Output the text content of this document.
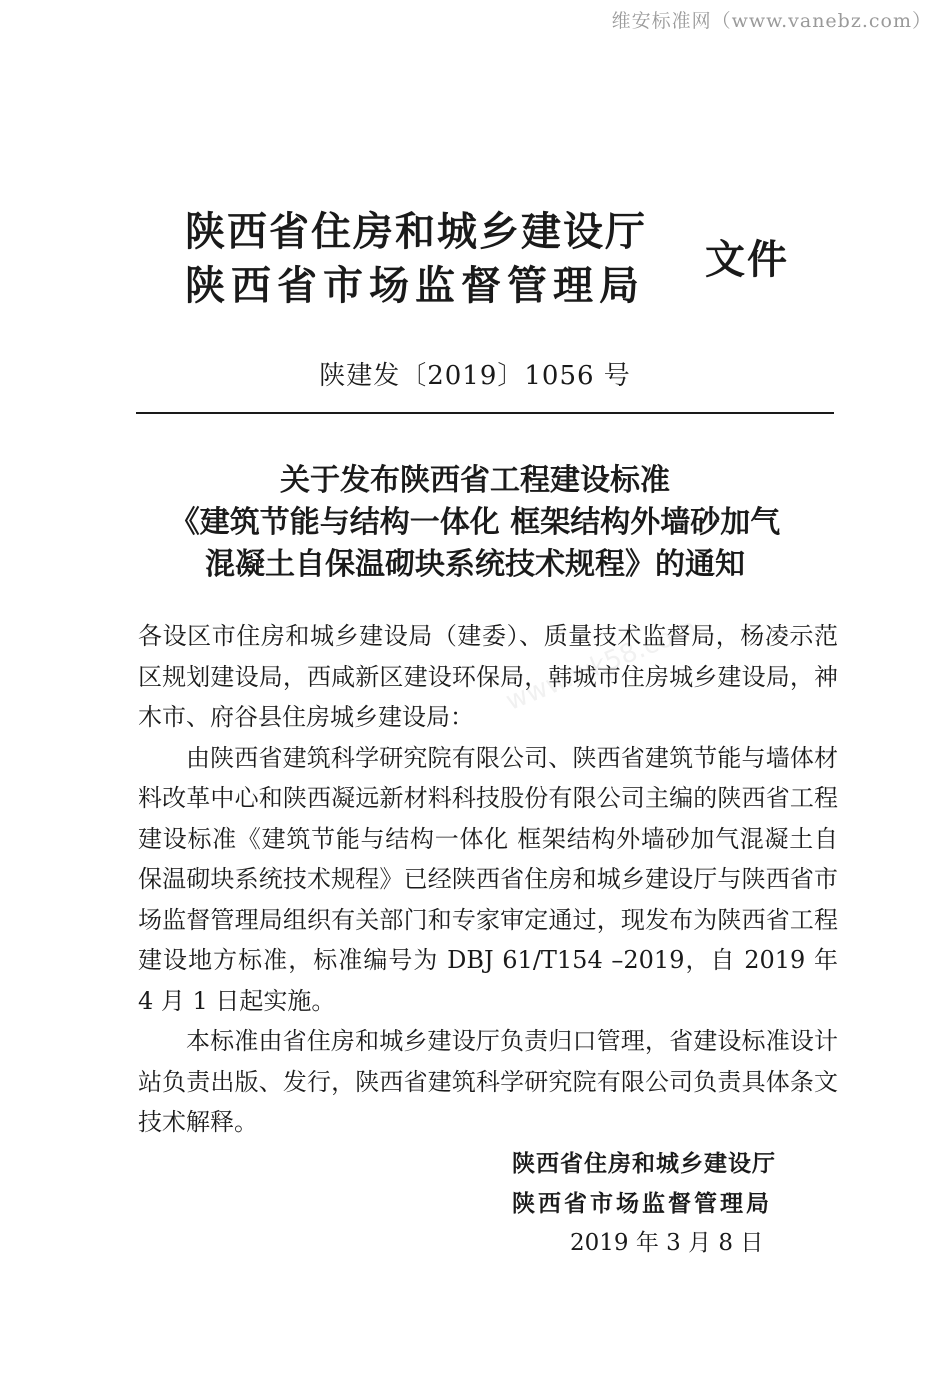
维安标准网（www.vanebz.com）
www.wk58.com
陕西省住房和城乡建设厅
陕西省市场监督管理局
文件
陕建发〔2019〕1056 号
关于发布陕西省工程建设标准
《建筑节能与结构一体化 框架结构外墙砂加气
混凝土自保温砌块系统技术规程》的通知

各设区市住房和城乡建设局（建委）、质量技术监督局，杨凌示范区规划建设局，西咸新区建设环保局，韩城市住房城乡建设局，神木市、府谷县住房城乡建设局：

由陕西省建筑科学研究院有限公司、陕西省建筑节能与墙体材料改革中心和陕西凝远新材料科技股份有限公司主编的陕西省工程建设标准《建筑节能与结构一体化 框架结构外墙砂加气混凝土自保温砌块系统技术规程》已经陕西省住房和城乡建设厅与陕西省市场监督管理局组织有关部门和专家审定通过，现发布为陕西省工程建设地方标准，标准编号为 DBJ 61/T154 –2019，自 2019 年 4 月 1 日起实施。

本标准由省住房和城乡建设厅负责归口管理，省建设标准设计站负责出版、发行，陕西省建筑科学研究院有限公司负责具体条文技术解释。

陕西省住房和城乡建设厅
陕西省市场监督管理局
2019 年 3 月 8 日
